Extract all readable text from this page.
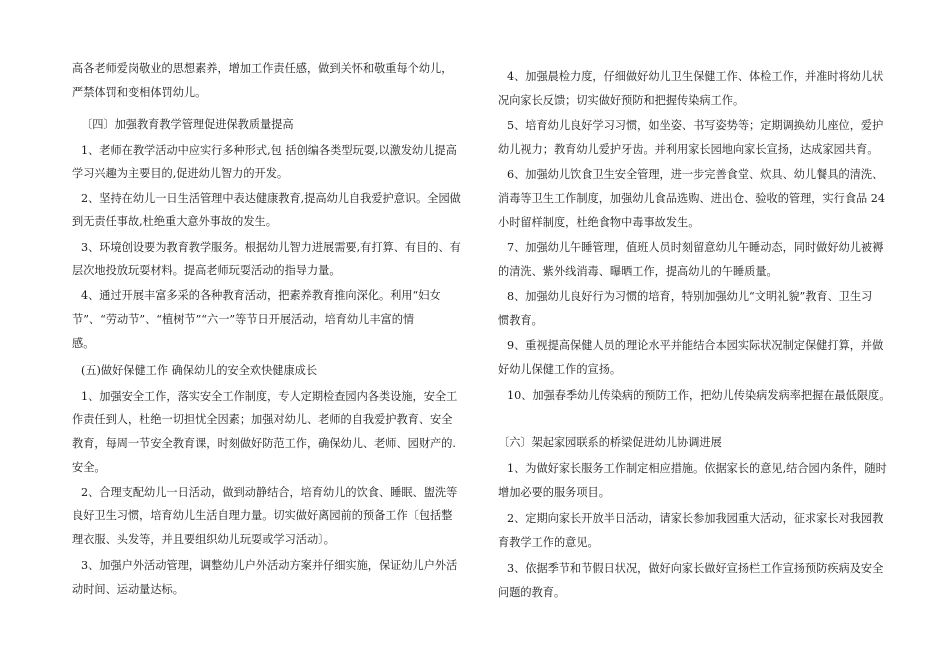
高各老师爱岗敬业的思想素养，增加工作责任感，做到关怀和敬重每个幼儿，
严禁体罚和变相体罚幼儿。
〔四〕加强教育教学管理促进保教质量提高
1、老师在教学活动中应实行多种形式,包 括创编各类型玩耍,以激发幼儿提高
学习兴趣为主要目的,促进幼儿智力的开发。
2、坚持在幼儿一日生活管理中表达健康教育,提高幼儿自我爱护意识。全园做
到无责任事故,杜绝重大意外事故的发生。
3、环境创设要为教育教学服务。根据幼儿智力进展需要,有打算、有目的、有
层次地投放玩耍材料。提高老师玩耍活动的指导力量。
4、通过开展丰富多采的各种教育活动，把素养教育推向深化。利用“妇女
节”、“劳动节”、“植树节”“六一”等节日开展活动，培育幼儿丰富的情
感。
(五)做好保健工作 确保幼儿的安全欢快健康成长
1、加强安全工作，落实安全工作制度，专人定期检查园内各类设施，安全工
作责任到人，杜绝一切担忧全因素；加强对幼儿、老师的自我爱护教育、安全
教育，每周一节安全教育课，时刻做好防范工作，确保幼儿、老师、园财产的.
安全。
2、合理支配幼儿一日活动，做到动静结合，培育幼儿的饮食、睡眠、盥洗等
良好卫生习惯，培育幼儿生活自理力量。切实做好离园前的预备工作〔包括整
理衣服、头发等，并且要组织幼儿玩耍或学习活动〕。
3、加强户外活动管理，调整幼儿户外活动方案并仔细实施，保证幼儿户外活
动时间、运动量达标。
4、加强晨检力度，仔细做好幼儿卫生保健工作、体检工作，并准时将幼儿状
况向家长反馈；切实做好预防和把握传染病工作。
5、培育幼儿良好学习习惯，如坐姿、书写姿势等；定期调换幼儿座位，爱护
幼儿视力；教育幼儿爱护牙齿。并利用家长园地向家长宣扬，达成家园共育。
6、加强幼儿饮食卫生安全管理，进一步完善食堂、炊具、幼儿餐具的清洗、
消毒等卫生工作制度，加强幼儿食品选购、进出仓、验收的管理，实行食品 24
小时留样制度，杜绝食物中毒事故发生。
7、加强幼儿午睡管理，值班人员时刻留意幼儿午睡动态，同时做好幼儿被褥
的清洗、紫外线消毒、曝晒工作，提高幼儿的午睡质量。
8、加强幼儿良好行为习惯的培育，特别加强幼儿“文明礼貌”教育、卫生习
惯教育。
9、重视提高保健人员的理论水平并能结合本园实际状况制定保健打算，并做
好幼儿保健工作的宣扬。
10、加强春季幼儿传染病的预防工作，把幼儿传染病发病率把握在最低限度。
〔六〕架起家园联系的桥梁促进幼儿协调进展
1、为做好家长服务工作制定相应措施。依据家长的意见,结合园内条件，随时
增加必要的服务项目。
2、定期向家长开放半日活动，请家长参加我园重大活动，征求家长对我园教
育教学工作的意见。
3、依据季节和节假日状况，做好向家长做好宣扬栏工作宣扬预防疾病及安全
问题的教育。
